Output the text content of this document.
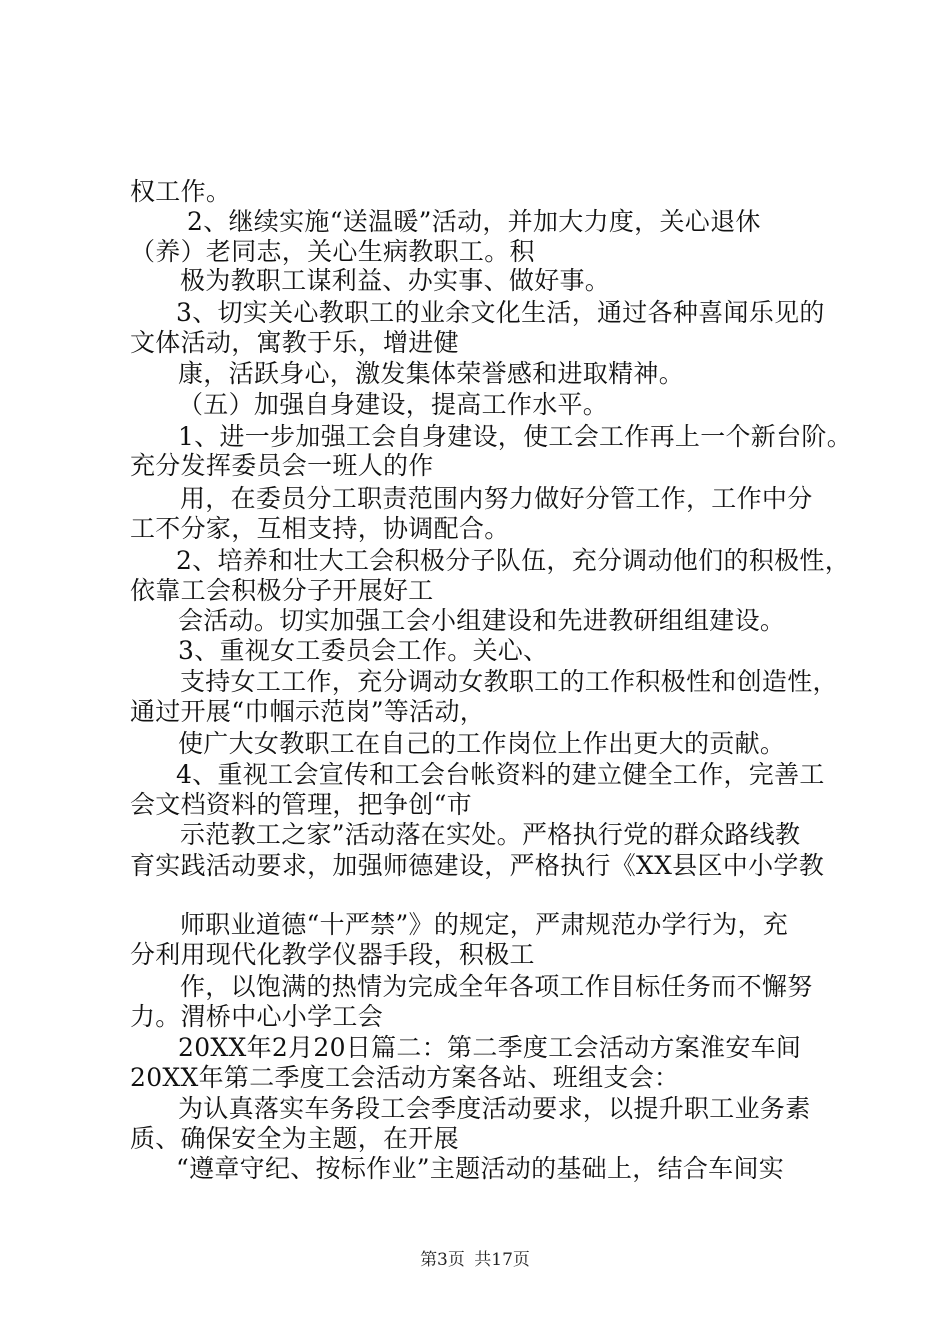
权工作。
2、继续实施“送温暖”活动，并加大力度，关心退休
（养）老同志，关心生病教职工。积
极为教职工谋利益、办实事、做好事。
3、切实关心教职工的业余文化生活，通过各种喜闻乐见的
文体活动，寓教于乐，增进健
康，活跃身心，激发集体荣誉感和进取精神。
（五）加强自身建设，提高工作水平。
1、进一步加强工会自身建设，使工会工作再上一个新台阶。
充分发挥委员会一班人的作
用，在委员分工职责范围内努力做好分管工作，工作中分
工不分家，互相支持，协调配合。
2、培养和壮大工会积极分子队伍，充分调动他们的积极性，
依靠工会积极分子开展好工
会活动。切实加强工会小组建设和先进教研组组建设。
3、重视女工委员会工作。关心、
支持女工工作，充分调动女教职工的工作积极性和创造性，
通过开展“巾帼示范岗”等活动，
使广大女教职工在自己的工作岗位上作出更大的贡献。
4、重视工会宣传和工会台帐资料的建立健全工作，完善工
会文档资料的管理，把争创“市
示范教工之家”活动落在实处。严格执行党的群众路线教
育实践活动要求，加强师德建设，严格执行《XX县区中小学教
师职业道德“十严禁”》的规定，严肃规范办学行为，充
分利用现代化教学仪器手段，积极工
作，以饱满的热情为完成全年各项工作目标任务而不懈努
力。渭桥中心小学工会
20XX年2月20日篇二：第二季度工会活动方案淮安车间
20XX年第二季度工会活动方案各站、班组支会：
为认真落实车务段工会季度活动要求，以提升职工业务素
质、确保安全为主题，在开展
“遵章守纪、按标作业”主题活动的基础上，结合车间实
第3页 共17页
